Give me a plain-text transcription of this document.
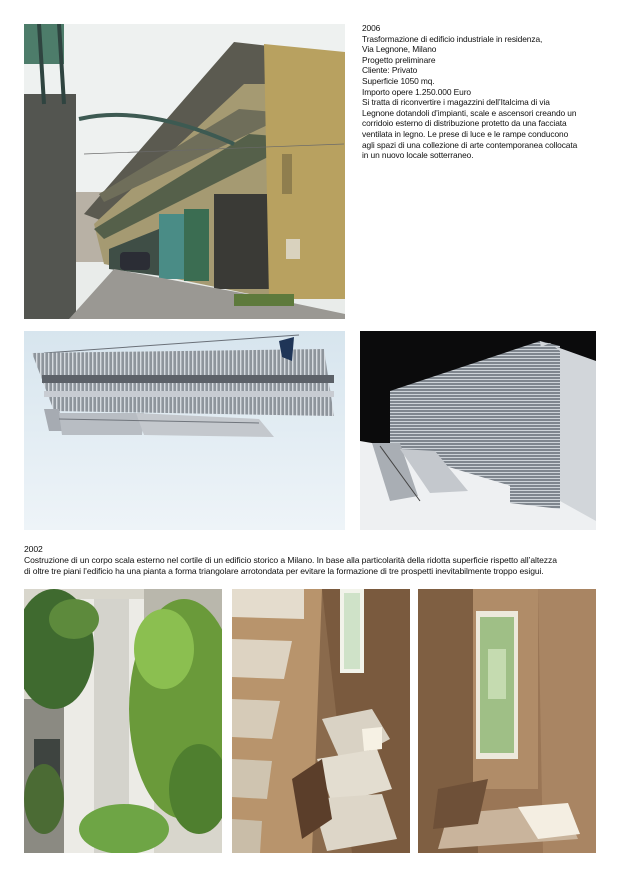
2006
Trasformazione di edificio industriale in residenza,
Via Legnone, Milano
Progetto preliminare
Cliente: Privato
Superficie 1050 mq.
Importo opere 1.250.000 Euro
Si tratta di riconvertire i magazzini dell’Italcima di via
Legnone dotandoli d’impianti, scale e ascensori creando un
corridoio esterno di distribuzione protetto da una facciata
ventilata in legno. Le prese di luce e le rampe conducono
agli spazi di una collezione di arte contemporanea collocata
in un nuovo locale sotterraneo.
2002
Costruzione di un corpo scala esterno nel cortile di un edificio storico a Milano. In base alla particolarità della ridotta superficie rispetto all’altezza
di oltre tre piani l’edificio ha una pianta a forma triangolare arrotondata per evitare la formazione di tre prospetti inevitabilmente troppo esigui.
